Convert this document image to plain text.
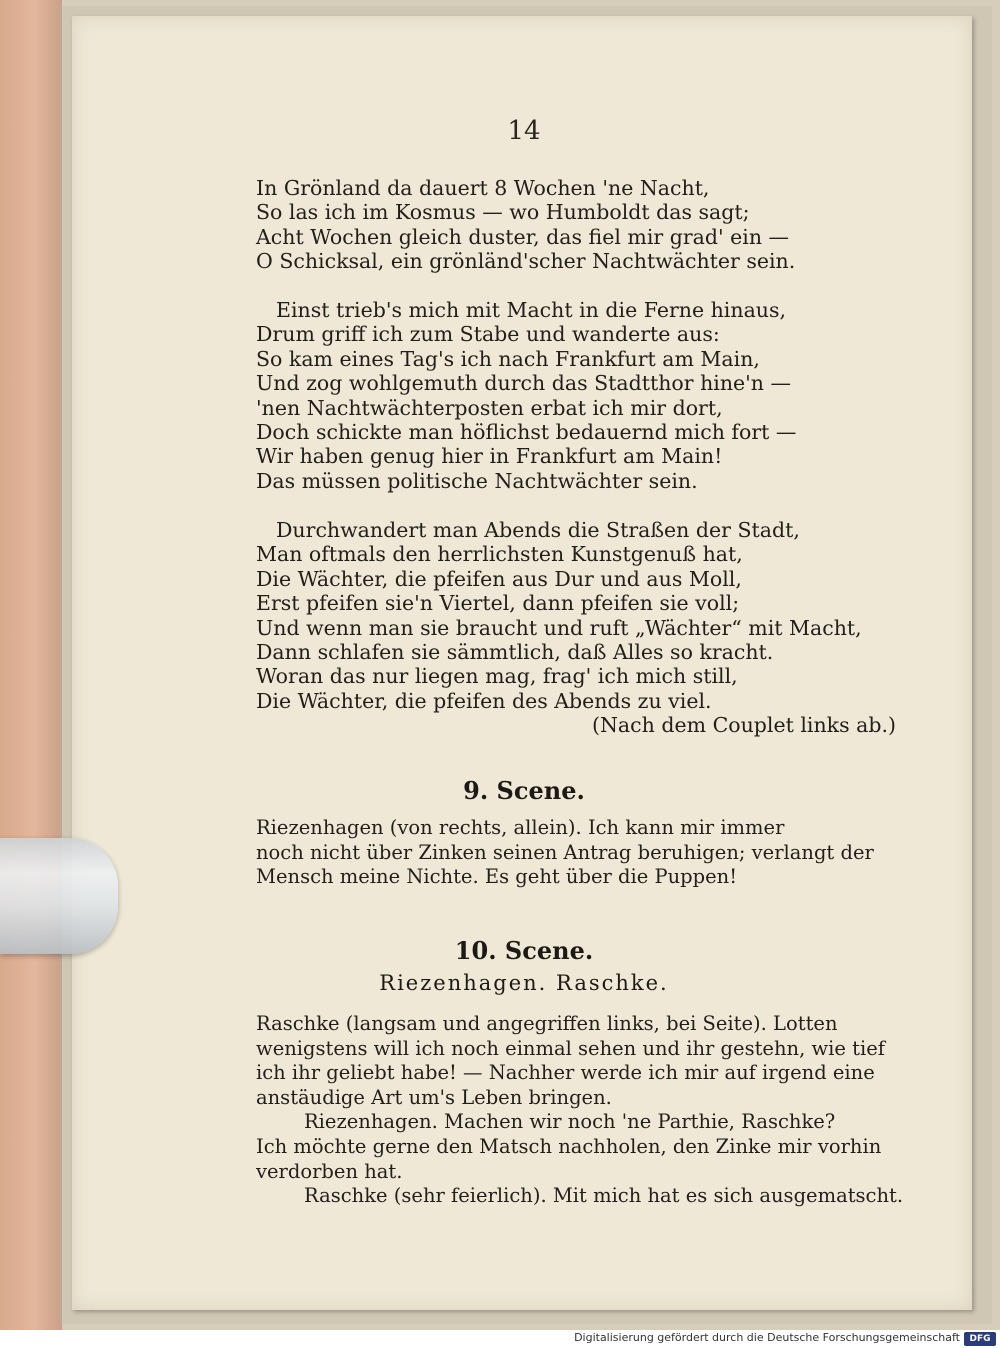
14
In Grönland da dauert 8 Wochen 'ne Nacht,
So las ich im Kosmus — wo Humboldt das sagt;
Acht Wochen gleich duster, das fiel mir grad' ein —
O Schicksal, ein grönländ'scher Nachtwächter sein.
Einst trieb's mich mit Macht in die Ferne hinaus,
Drum griff ich zum Stabe und wanderte aus:
So kam eines Tag's ich nach Frankfurt am Main,
Und zog wohlgemuth durch das Stadtthor hine'n —
'nen Nachtwächterposten erbat ich mir dort,
Doch schickte man höflichst bedauernd mich fort —
Wir haben genug hier in Frankfurt am Main!
Das müssen politische Nachtwächter sein.
Durchwandert man Abends die Straßen der Stadt,
Man oftmals den herrlichsten Kunstgenuß hat,
Die Wächter, die pfeifen aus Dur und aus Moll,
Erst pfeifen sie'n Viertel, dann pfeifen sie voll;
Und wenn man sie braucht und ruft „Wächter“ mit Macht,
Dann schlafen sie sämmtlich, daß Alles so kracht.
Woran das nur liegen mag, frag' ich mich still,
Die Wächter, die pfeifen des Abends zu viel.
(Nach dem Couplet links ab.)
9. Scene.
Riezenhagen (von rechts, allein). Ich kann mir immer
noch nicht über Zinken seinen Antrag beruhigen; verlangt der
Mensch meine Nichte. Es geht über die Puppen!
10. Scene.
Riezenhagen. Raschke.
Raschke (langsam und angegriffen links, bei Seite). Lotten
wenigstens will ich noch einmal sehen und ihr gestehn, wie tief
ich ihr geliebt habe! — Nachher werde ich mir auf irgend eine
anstäudige Art um's Leben bringen.
Riezenhagen. Machen wir noch 'ne Parthie, Raschke?
Ich möchte gerne den Matsch nachholen, den Zinke mir vorhin
verdorben hat.
Raschke (sehr feierlich). Mit mich hat es sich ausgematscht.
Digitalisierung gefördert durch die Deutsche Forschungsgemeinschaft	DFG
